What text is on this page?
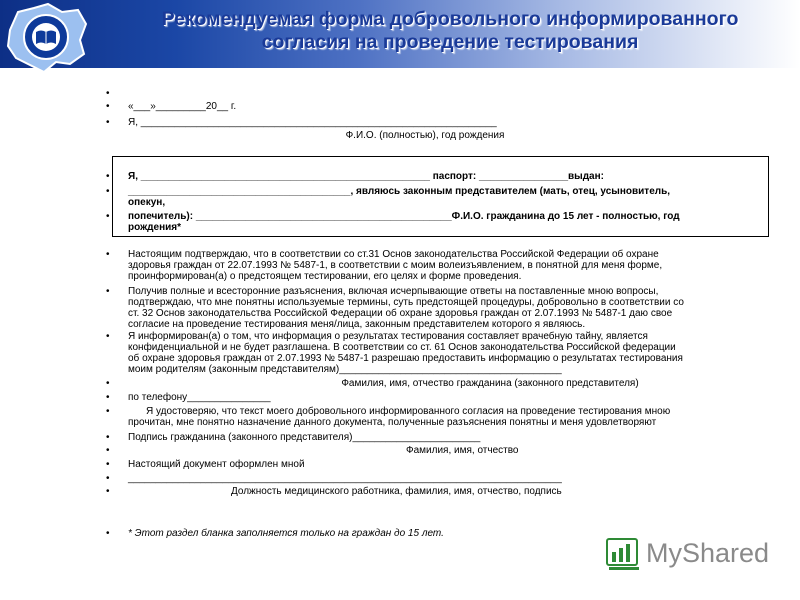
Рекомендуемая форма добровольного информированного
согласия на проведение тестирования
•
• «___»_________20__ г.
• Я, ________________________________________________________________
Ф.И.О. (полностью), год рождения
• Я, ____________________________________________________ паспорт: ________________выдан:
• ________________________________________, являюсь законным представителем (мать, отец, усыновитель,
опекун,
• попечитель): ______________________________________________Ф.И.О. гражданина до 15 лет - полностью, год
рождения*
• Настоящим подтверждаю, что в соответствии со ст.31 Основ законодательства Российской Федерации об охране
здоровья граждан от 22.07.1993 № 5487-1, в соответствии с моим волеизъявлением, в понятной для меня форме,
проинформирован(а) о предстоящем тестировании, его целях и форме проведения.
• Получив полные и всесторонние разъяснения, включая исчерпывающие ответы на поставленные мною вопросы,
подтверждаю, что мне понятны используемые термины, суть предстоящей процедуры, добровольно в соответствии со
ст. 32 Основ законодательства Российской Федерации об охране здоровья граждан от 2.07.1993 № 5487-1 даю свое
согласие на проведение тестирования меня/лица, законным представителем которого я являюсь.
• Я информирован(а) о том, что информация о результатах тестирования составляет врачебную тайну, является
конфиденциальной и не будет разглашена. В соответствии со ст. 61 Основ законодательства Российской федерации
об охране здоровья граждан от 2.07.1993 № 5487-1 разрешаю предоставить информацию о результатах тестирования
моим родителям (законным представителям)________________________________________
•	Фамилия, имя, отчество гражданина (законного представителя)
• по телефону_______________
•	Я удостоверяю, что текст моего добровольного информированного согласия на проведение тестирования мною
прочитан, мне понятно назначение данного документа, полученные разъяснения понятны и меня удовлетворяют
• Подпись гражданина (законного представителя)_______________________
•	Фамилия, имя, отчество
• Настоящий документ оформлен мной
• ______________________________________________________________________________
•	Должность медицинского работника, фамилия, имя, отчество, подпись
• * Этот раздел бланка заполняется только на граждан до 15 лет.
MyShared
